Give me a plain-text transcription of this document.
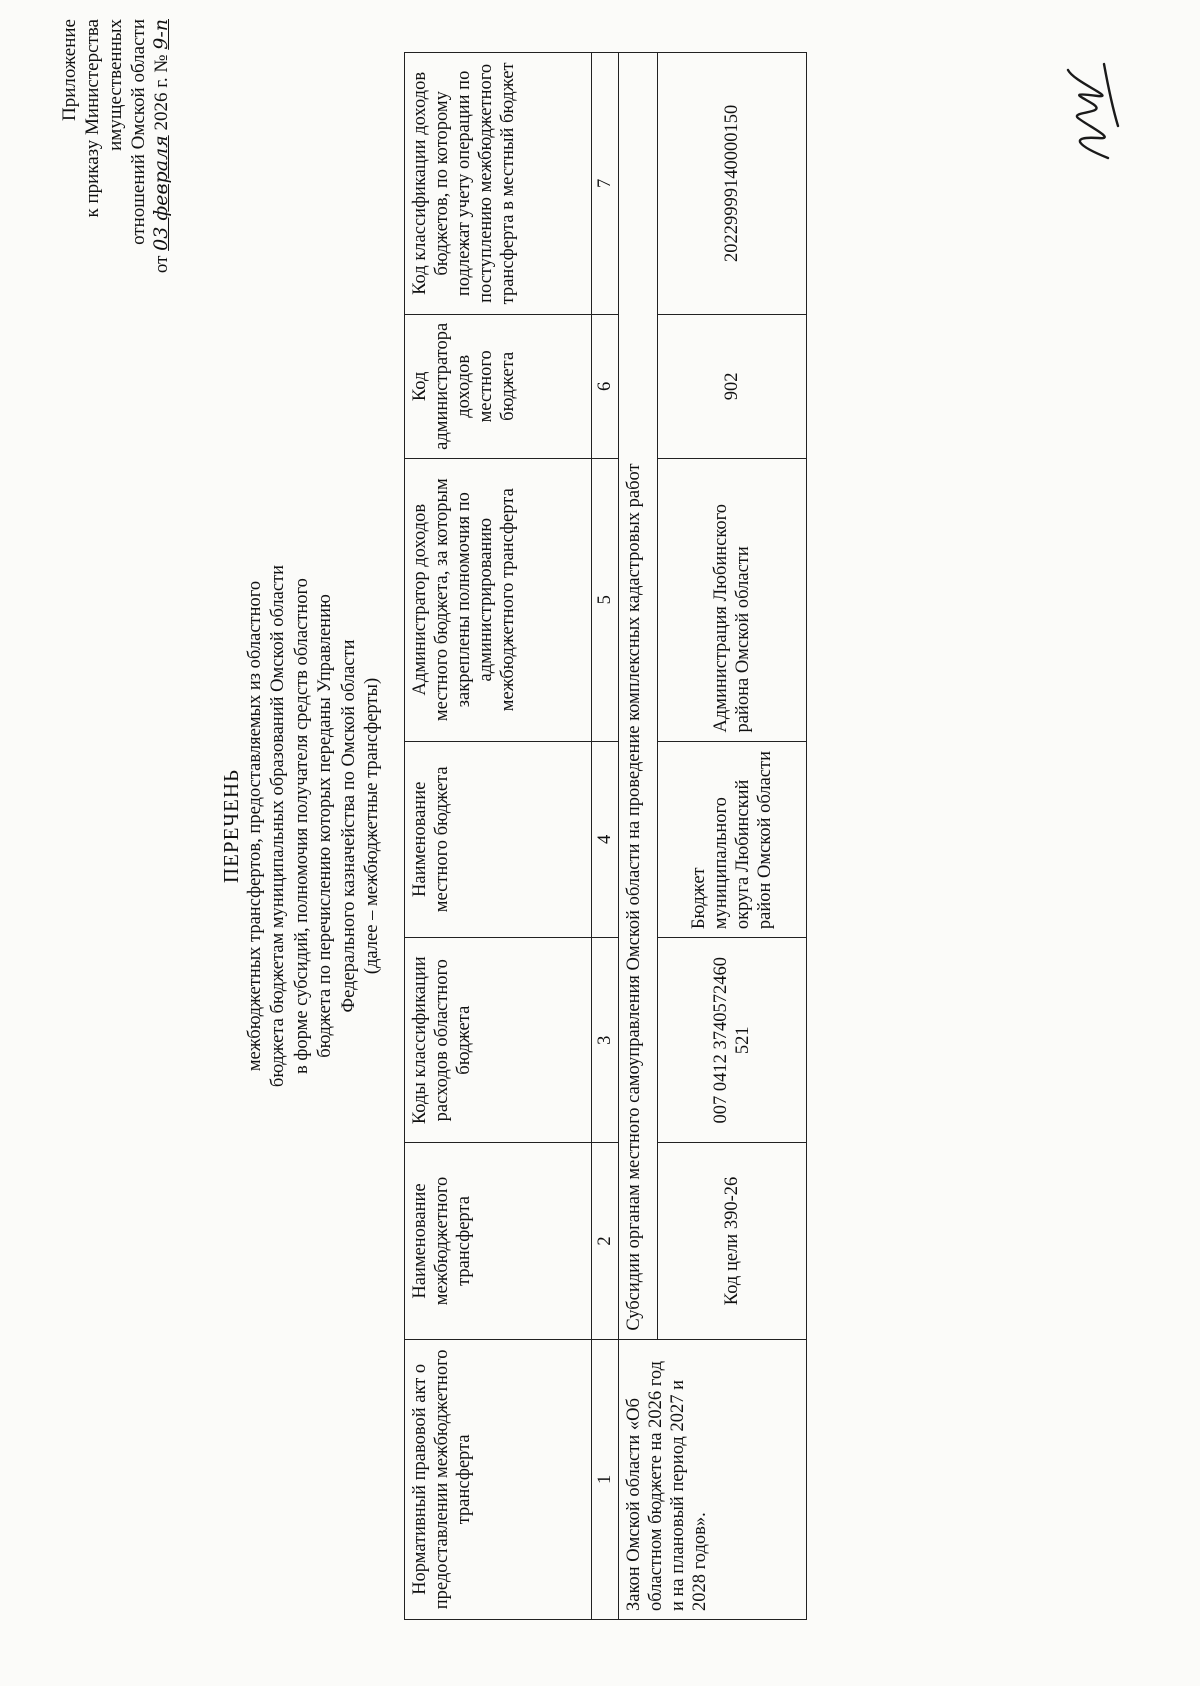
Приложение к приказу Министерства имущественных отношений Омской области
от 03 февраля 2026 г. № 9-п
ПЕРЕЧЕНЬ межбюджетных трансфертов, предоставляемых из областного бюджета бюджетам муниципальных образований Омской области в форме субсидий, полномочия получателя средств областного бюджета по перечислению которых переданы Управлению Федерального казначейства по Омской области (далее – межбюджетные трансферты)
Нормативный правовой акт о предоставлении межбюджетного трансферта	Наименование межбюджетного трансферта	Коды классификации расходов областного бюджета	Наименование местного бюджета	Администратор доходов местного бюджета, за которым закреплены полномочия по администрированию межбюджетного трансферта	Код администратора доходов местного бюджета	Код классификации доходов бюджетов, по которому подлежат учету операции по поступлению межбюджетного трансферта в местный бюджет
1	2	3	4	5	6	7
Закон Омской области «Об областном бюджете на 2026 год и на плановый период 2027 и 2028 годов».	Субсидии органам местного самоуправления Омской области на проведение комплексных кадастровых работ					
	Код цели 390-26	007 0412 3740572460 521	Бюджет муниципального округа Любинский район Омской области	Администрация Любинского района Омской области	902	20229999140000150
